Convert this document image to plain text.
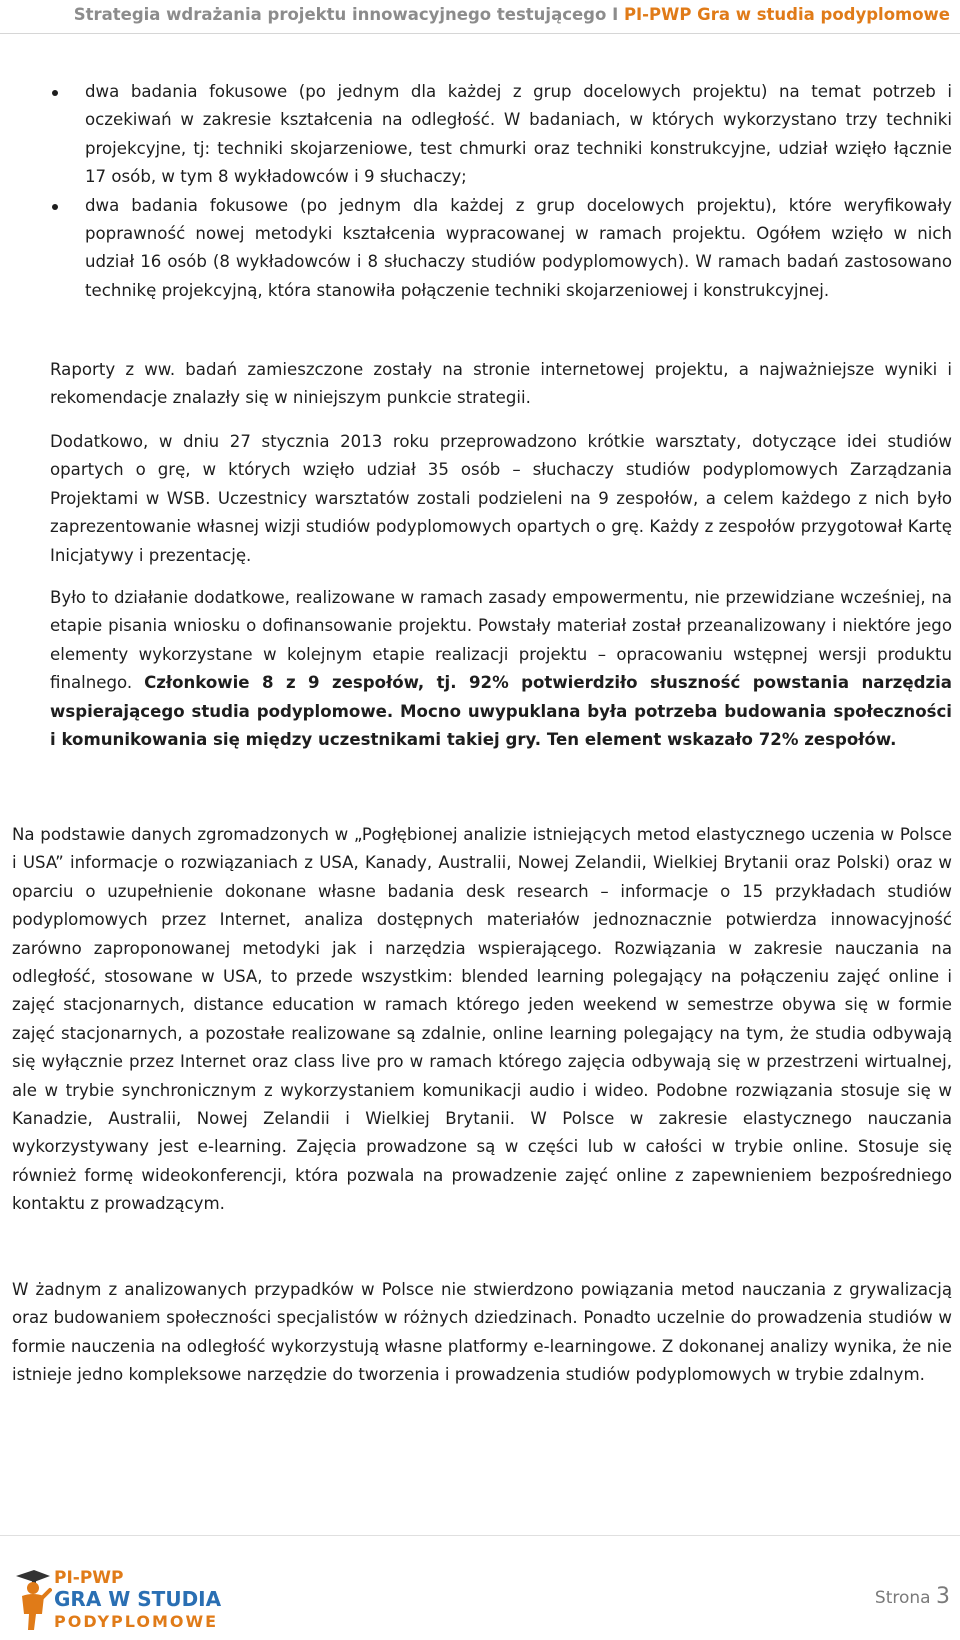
Strategia wdrażania projektu innowacyjnego testującego I PI-PWP Gra w studia podyplomowe
dwa badania fokusowe (po jednym dla każdej z grup docelowych projektu) na temat potrzeb i oczekiwań w zakresie kształcenia na odległość. W badaniach, w których wykorzystano trzy techniki projekcyjne, tj: techniki skojarzeniowe, test chmurki oraz techniki konstrukcyjne, udział wzięło łącznie 17 osób, w tym 8 wykładowców i 9 słuchaczy;
dwa badania fokusowe (po jednym dla każdej z grup docelowych projektu), które weryfikowały poprawność nowej metodyki kształcenia wypracowanej w ramach projektu. Ogółem wzięło w nich udział 16 osób (8 wykładowców i 8 słuchaczy studiów podyplomowych). W ramach badań zastosowano technikę projekcyjną, która stanowiła połączenie techniki skojarzeniowej i konstrukcyjnej.

Raporty z ww. badań zamieszczone zostały na stronie internetowej projektu, a najważniejsze wyniki i rekomendacje znalazły się w niniejszym punkcie strategii.

Dodatkowo, w dniu 27 stycznia 2013 roku przeprowadzono krótkie warsztaty, dotyczące idei studiów opartych o grę, w których wzięło udział 35 osób – słuchaczy studiów podyplomowych Zarządzania Projektami w WSB. Uczestnicy warsztatów zostali podzieleni na 9 zespołów, a celem każdego z nich było zaprezentowanie własnej wizji studiów podyplomowych opartych o grę. Każdy z zespołów przygotował Kartę Inicjatywy i prezentację.

Było to działanie dodatkowe, realizowane w ramach zasady empowermentu, nie przewidziane wcześniej, na etapie pisania wniosku o dofinansowanie projektu. Powstały materiał został przeanalizowany i niektóre jego elementy wykorzystane w kolejnym etapie realizacji projektu – opracowaniu wstępnej wersji produktu finalnego. Członkowie 8 z 9 zespołów, tj. 92% potwierdziło słuszność powstania narzędzia wspierającego studia podyplomowe. Mocno uwypuklana była potrzeba budowania społeczności i komunikowania się między uczestnikami takiej gry. Ten element wskazało 72% zespołów.

Na podstawie danych zgromadzonych w „Pogłębionej analizie istniejących metod elastycznego uczenia w Polsce i USA” informacje o rozwiązaniach z USA, Kanady, Australii, Nowej Zelandii, Wielkiej Brytanii oraz Polski) oraz w oparciu o uzupełnienie dokonane własne badania desk research – informacje o 15 przykładach studiów podyplomowych przez Internet, analiza dostępnych materiałów jednoznacznie potwierdza innowacyjność zarówno zaproponowanej metodyki jak i narzędzia wspierającego. Rozwiązania w zakresie nauczania na odległość, stosowane w USA, to przede wszystkim: blended learning polegający na połączeniu zajęć online i zajęć stacjonarnych, distance education w ramach którego jeden weekend w semestrze obywa się w formie zajęć stacjonarnych, a pozostałe realizowane są zdalnie, online learning polegający na tym, że studia odbywają się wyłącznie przez Internet oraz class live pro w ramach którego zajęcia odbywają się w przestrzeni wirtualnej, ale w trybie synchronicznym z wykorzystaniem komunikacji audio i wideo. Podobne rozwiązania stosuje się w Kanadzie, Australii, Nowej Zelandii i Wielkiej Brytanii. W Polsce w zakresie elastycznego nauczania wykorzystywany jest e-learning. Zajęcia prowadzone są w części lub w całości w trybie online. Stosuje się również formę wideokonferencji, która pozwala na prowadzenie zajęć online z zapewnieniem bezpośredniego kontaktu z prowadzącym.

W żadnym z analizowanych przypadków w Polsce nie stwierdzono powiązania metod nauczania z grywalizacją oraz budowaniem społeczności specjalistów w różnych dziedzinach. Ponadto uczelnie do prowadzenia studiów w formie nauczenia na odległość wykorzystują własne platformy e-learningowe. Z dokonanej analizy wynika, że nie istnieje jedno kompleksowe narzędzie do tworzenia i prowadzenia studiów podyplomowych w trybie zdalnym.

PI-PWP
GRA W STUDIA
PODYPLOMOWE
Strona 3
